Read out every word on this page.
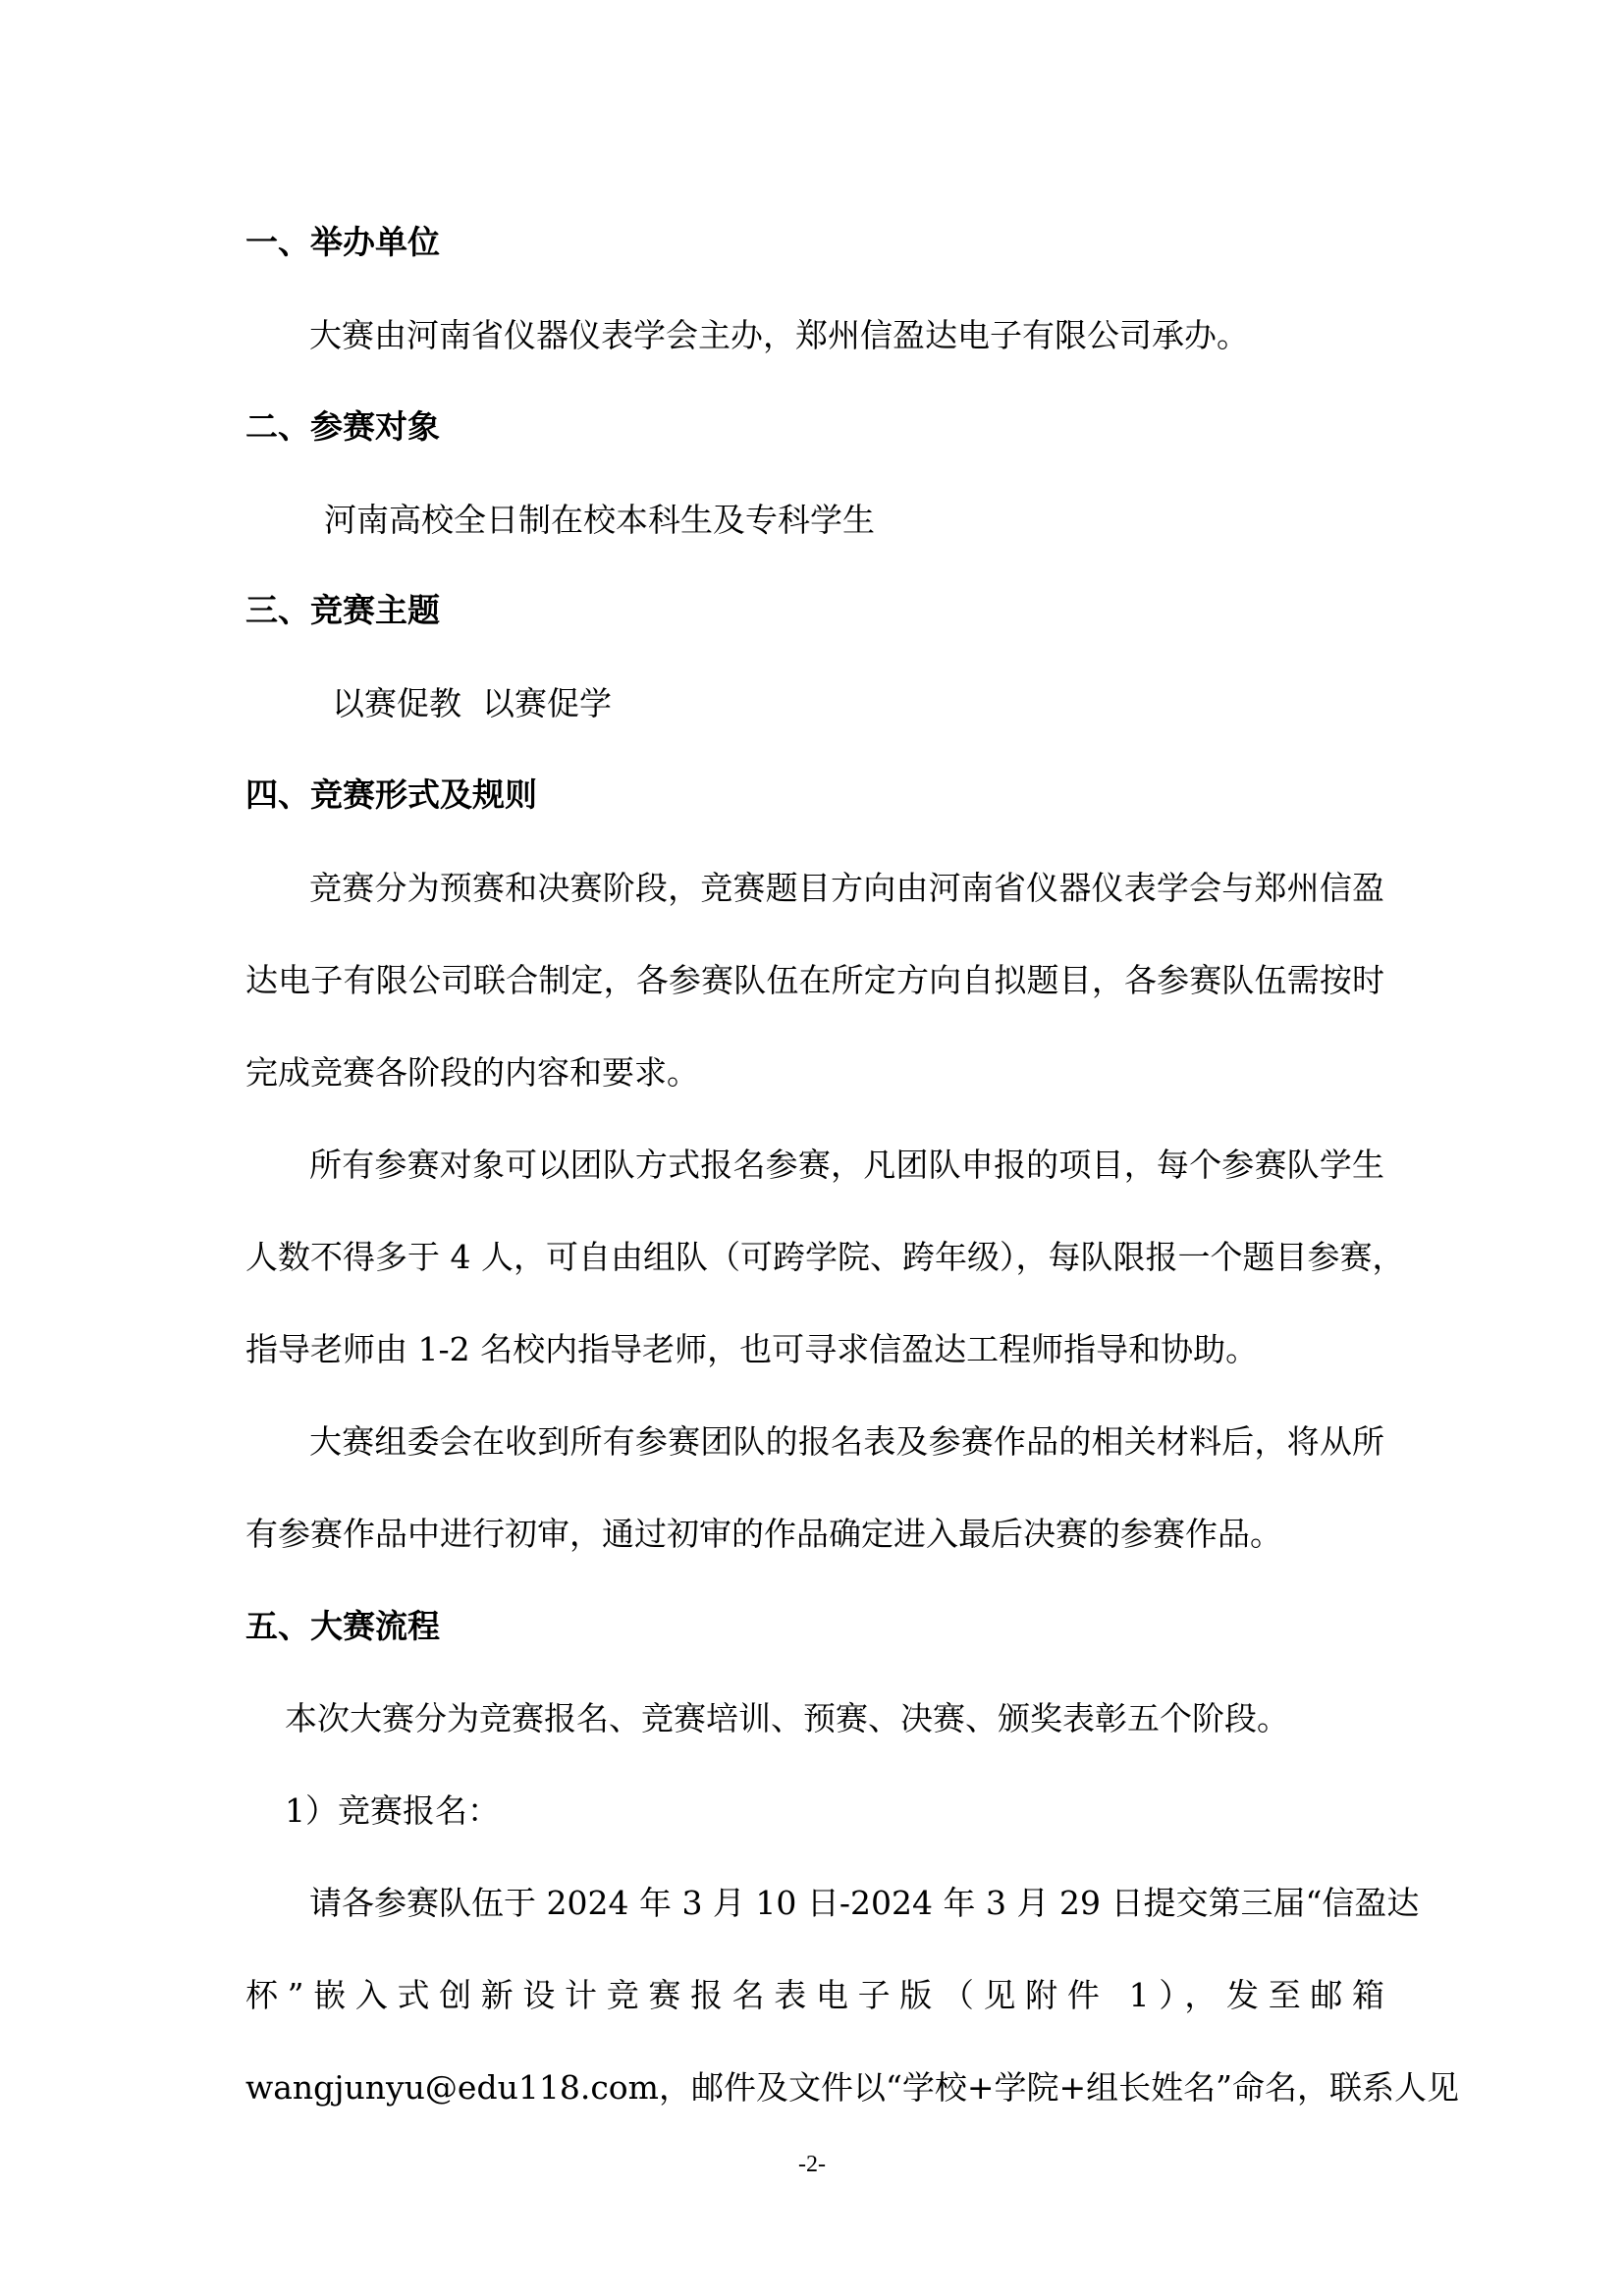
一、举办单位
大赛由河南省仪器仪表学会主办，郑州信盈达电子有限公司承办。
二、参赛对象
河南高校全日制在校本科生及专科学生
三、竞赛主题
以赛促教  以赛促学
四、竞赛形式及规则
竞赛分为预赛和决赛阶段，竞赛题目方向由河南省仪器仪表学会与郑州信盈
达电子有限公司联合制定，各参赛队伍在所定方向自拟题目，各参赛队伍需按时
完成竞赛各阶段的内容和要求。
所有参赛对象可以团队方式报名参赛，凡团队申报的项目，每个参赛队学生
人数不得多于 4 人，可自由组队（可跨学院、跨年级），每队限报一个题目参赛，
指导老师由 1-2 名校内指导老师，也可寻求信盈达工程师指导和协助。
大赛组委会在收到所有参赛团队的报名表及参赛作品的相关材料后，将从所
有参赛作品中进行初审，通过初审的作品确定进入最后决赛的参赛作品。
五、大赛流程
本次大赛分为竞赛报名、竞赛培训、预赛、决赛、颁奖表彰五个阶段。
1）竞赛报名：
请各参赛队伍于 2024 年 3 月 10 日-2024 年 3 月 29 日提交第三届“信盈达
杯”嵌入式创新设计竞赛报名表电子版（见附件 1），发至邮箱
wangjunyu@edu118.com，邮件及文件以“学校+学院+组长姓名”命名，联系人见
-2-
